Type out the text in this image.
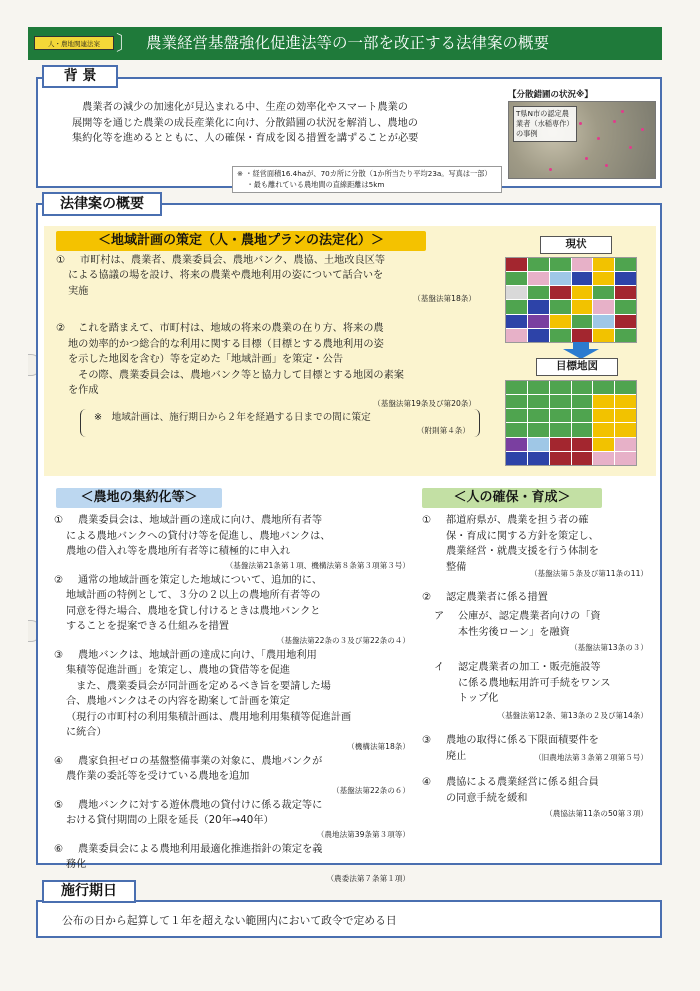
人・農地関連法案 〕 農業経営基盤強化促進法等の一部を改正する法律案の概要
背 景
　農業者の減少の加速化が見込まれる中、生産の効率化やスマート農業の
展開等を通じた農業の成長産業化に向け、分散錯圃の状況を解消し、農地の
集約化等を進めるとともに、人の確保・育成を図る措置を講ずることが必要
※ ・経営面積16.4haが、70カ所に分散（1か所当たり平均23a。写真は一部）
　 ・最も離れている農地間の直線距離は5km
【分散錯圃の状況※】
T県N市の認定農業者（水稲専作）の事例
法律案の概要
＜地域計画の策定（人・農地プランの法定化）＞
① 市町村は、農業者、農業委員会、農地バンク、農協、土地改良区等
による協議の場を設け、将来の農業や農地利用の姿について話合いを
実施
（基盤法第18条）
② 　これを踏まえて、市町村は、地域の将来の農業の在り方、将来の農
地の効率的かつ総合的な利用に関する目標（目標とする農地利用の姿
を示した地図を含む）等を定めた「地域計画」を策定・公告
　その際、農業委員会は、農地バンク等と協力して目標とする地図の素案
を作成
（基盤法第19条及び第20条）
※　地域計画は、施行期日から２年を経過する日までの間に策定
（附則第４条）
現状
目標地図
＜農地の集約化等＞
① 農業委員会は、地域計画の達成に向け、農地所有者等
による農地バンクへの貸付け等を促進し、農地バンクは、
農地の借入れ等を農地所有者等に積極的に申入れ
（基盤法第21条第１項、機構法第８条第３項第３号）
② 通常の地域計画を策定した地域について、追加的に、
地域計画の特例として、３分の２以上の農地所有者等の
同意を得た場合、農地を貸し付けるときは農地バンクと
することを提案できる仕組みを措置
（基盤法第22条の３及び第22条の４）
③ 農地バンクは、地域計画の達成に向け、「農用地利用
集積等促進計画」を策定し、農地の貸借等を促進
　また、農業委員会が同計画を定めるべき旨を要請した場
合、農地バンクはその内容を勘案して計画を策定
（現行の市町村の利用集積計画は、農用地利用集積等促進計画
に統合）
（機構法第18条）
④ 農家負担ゼロの基盤整備事業の対象に、農地バンクが
農作業の委託等を受けている農地を追加
（基盤法第22条の６）
⑤ 農地バンクに対する遊休農地の貸付けに係る裁定等に
おける貸付期間の上限を延長（20年→40年）
（農地法第39条第３項等）
⑥ 農業委員会による農地利用最適化推進指針の策定を義
務化
（農委法第７条第１項）
＜人の確保・育成＞
① 都道府県が、農業を担う者の確
保・育成に関する方針を策定し、
農業経営・就農支援を行う体制を
整備
（基盤法第５条及び第11条の11）
② 認定農業者に係る措置
ア 公庫が、認定農業者向けの「資
本性劣後ローン」を融資
（基盤法第13条の３）
イ 認定農業者の加工・販売施設等
に係る農地転用許可手続をワンス
トップ化
（基盤法第12条、第13条の２及び第14条）
③ 農地の取得に係る下限面積要件を
廃止	（旧農地法第３条第２項第５号）
④ 農協による農業経営に係る組合員
の同意手続を緩和
（農協法第11条の50第３項）
施行期日
公布の日から起算して１年を超えない範囲内において政令で定める日
